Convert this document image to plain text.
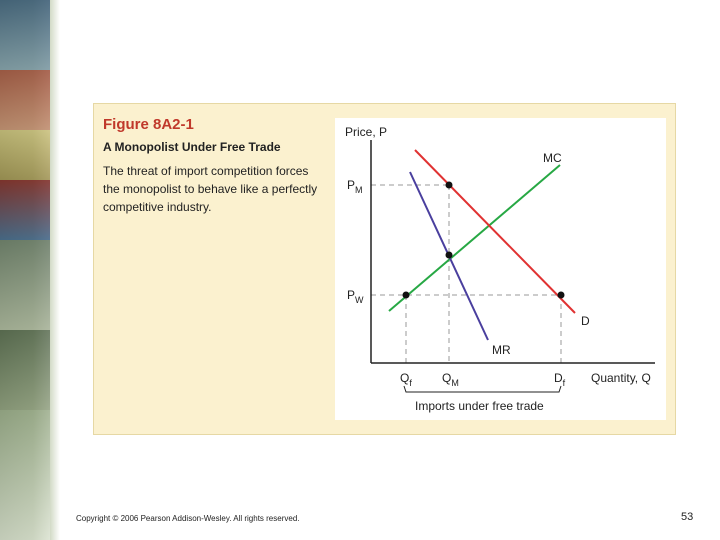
Figure 8A2-1
A Monopolist Under Free Trade
The threat of import competition forces the monopolist to behave like a perfectly competitive industry.
Price, P
Quantity, Q
$P_M$
$P_W$
$Q_f$	$Q_M$	$D_f$
MC
D
MR
Imports under free trade
Copyright © 2006 Pearson Addison-Wesley. All rights reserved.	53
